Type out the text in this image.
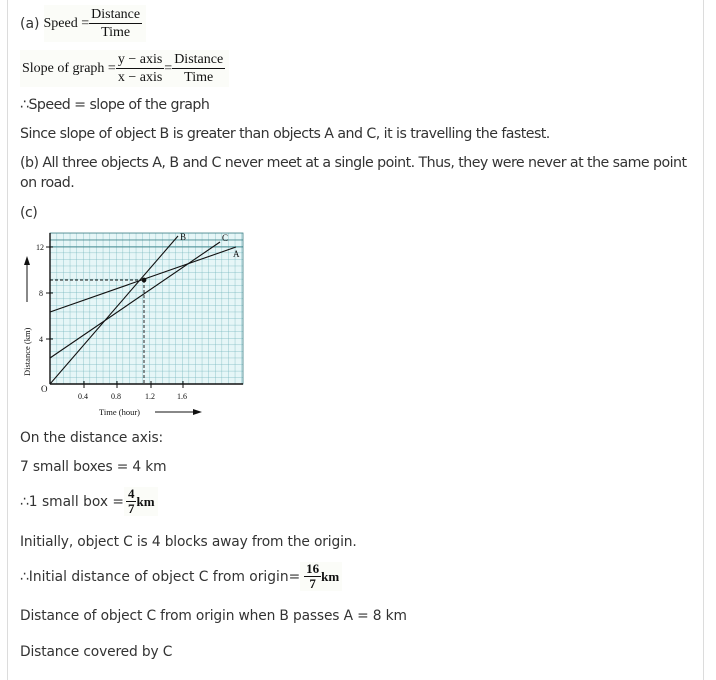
(a) Speed = $\frac{\text{Distance}}{\text{Time}}$
Slope of graph = $\frac{\text{y − axis}}{\text{x − axis}} = \frac{\text{Distance}}{\text{Time}}$
∴Speed = slope of the graph
Since slope of object B is greater than objects A and C, it is travelling the fastest.
(b) All three objects A, B and C never meet at a single point. Thus, they were never at the same point
on road.
(c)
B	C
A
12
8
4
O
0.4	0.8	1.2	1.6
Time (hour)
Distance (km)
On the distance axis:
7 small boxes = 4 km
∴1 small box = $\frac{4}{7}$ km
Initially, object C is 4 blocks away from the origin.
∴Initial distance of object C from origin= $\frac{16}{7}$ km
Distance of object C from origin when B passes A = 8 km
Distance covered by C
